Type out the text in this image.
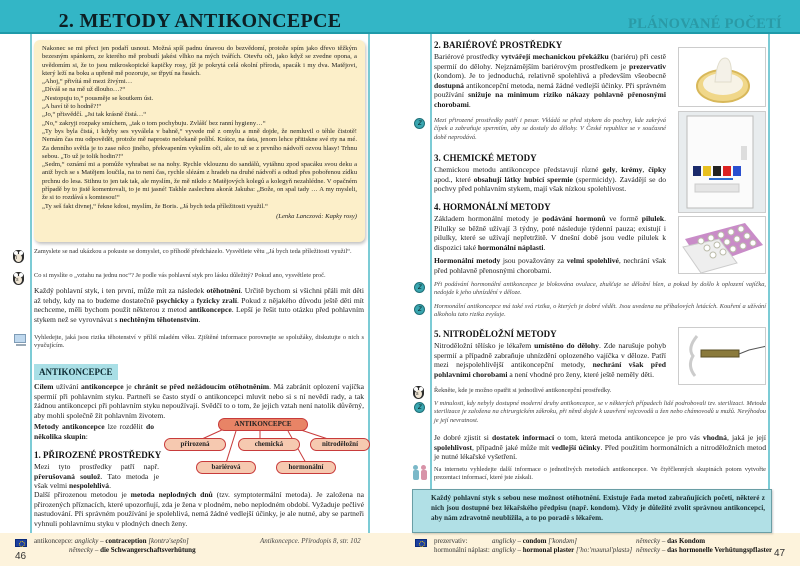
2. METODY ANTIKONCEPCE

Nakonec se mi přeci jen podaří usnout. Možná spíš padnu únavou do bezvědomí, protože spím jako dřevo těžkým bezesným spánkem, ze kterého mě probudí jakési vlhko na mých tvářích. Otevřu oči, jako když se zvedne opona, a uvědomím si, že to jsou mikroskopické kapičky rosy, jíž je pokrytá celá okolní příroda, spacák i my dva. Matějovi, který leží na boku a upřeně mě pozoruje, se třpytí na řasách.

„Ahoj,“ přivítá mě mezi živými…

„Díváš se na mě už dlouho…?“

„Nestopuju to,“ pousměje se koutkem úst.

„A baví tě to hodně?!“

„Jo,“ přisvědčí. „Jsi tak krásně čistá…“

„No,“ zakryji rozpaky smíchem, „tak o tom pochybuju. Zvlášť bez ranní hygieny…“

„Ty bys byla čistá, i kdyby ses vyválela v bahně,“ vyvede mě z omylu a mně dojde, že nemluvil o téhle čistotě! Nemám čas mu odpovědět, protože mě naprosto nečekaně políbí. Krátce, na ústa, jenom lehce přitiskne své rty na mé. Za denního světla je to zase něco jiného, překvapením vykulím oči, ale to už se z prvního nádvoří ozvou hlasy! Trhnu sebou. „To už je tolik hodin?!“

„Sedm,“ oznámí mi a pomůže vyhrabat se na nohy. Rychle vklouznu do sandálů, vytáhnu zpod spacáku svou deku a aniž bych se s Matějem loučila, na to není čas, rychle slézám z hradeb na druhé nádvoří a odtud přes pobořenou zídku prchnu do lesa. Stihnu to jen tak tak, ale myslím, že mě nikdo z Matějových kolegů a kolegyň nezahlédne. V opačném případě by to jistě komentovali, to je mi jasné! Takhle zaslechnu akorát Jakuba: „Bože, on spal tady … A my mysleli, že si to rozdává s komtesou!“

„Ty seš fakt divnej,“ řekne kdosi, myslím, že Boris. „Já bych teda příležitosti využil.“

(Lenka Lanczová: Kapky rosy)

i
Zamyslete se nad ukázkou a pokuste se domyslet, co příhodě předcházelo. Vysvětlete větu „Já bych teda příležitosti využil“.
s
Co si myslíte o „vztahu na jednu noc“? Je podle vás pohlavní styk pro lásku důležitý? Pokud ano, vysvětlete proč.
Každý pohlavní styk, i ten první, může mít za následek otěhotnění. Určitě bychom si všichni přáli mít děti až tehdy, kdy na to budeme dostatečně psychicky a fyzicky zralí. Pokud z nějakého důvodu ještě děti mít nechceme, měli bychom použít některou z metod antikoncepce. Lepší je řešit tuto otázku před pohlavním stykem než se vyrovnávat s nechtěným těhotenstvím.
Vyhledejte, jaká jsou rizika těhotenství v příliš mladém věku. Zjištěné informace porovnejte se spolužáky, diskutujte o nich s vyučujícím.
ANTIKONCEPCE
Cílem užívání antikoncepce je chránit se před nežádoucím otěhotněním. Má zabránit oplození vajíčka spermií při pohlavním styku. Partneři se často stydí o antikoncepci mluvit nebo si s ní nevědí rady, a tak žádnou antikoncepci při pohlavním styku nepoužívají. Svědčí to o tom, že jejich vztah není natolik důvěrný, aby mohli společně žít pohlavním životem.
Metody antikoncepce lze rozdělit do několika skupin:
ANTIKONCEPCE
přirozená	chemická	nitroděložní
bariérová	hormonální
1. PŘIROZENÉ PROSTŘEDKY
Mezi tyto prostředky patří např. přerušovaná soulož. Tato metoda je však velmi nespolehlivá.
Další přirozenou metodou je metoda neplodných dnů (tzv. symptotermální metoda). Je založena na přirozených příznacích, které upozorňují, zda je žena v plodném, nebo neplodném období. Vyžaduje pečlivé nastudování. Při správném používání je spolehlivá, nemá žádné vedlejší účinky, je ale nutné, aby se partneři vyhnuli pohlavnímu styku v plodných dnech ženy.
antikoncepce: anglicky – contraception [kontrə'sepšn]
německy – die Schwangerschaftsverhütung
Antikoncepce. Přírodopis 8, str. 102
46
PLÁNOVANÉ POČETÍ
2. BARIÉROVÉ PROSTŘEDKY
Bariérové prostředky vytvářejí mechanickou překážku (bariéru) při cestě spermií do dělohy. Nejznámějším bariérovým prostředkem je prezervativ (kondom). Je to jednoduchá, relativně spolehlivá a především všeobecně dostupná antikoncepční metoda, nemá žádné vedlejší účinky. Při správném používání snižuje na minimum riziko nákazy pohlavně přenosnými chorobami.
z
Mezi přirozené prostředky patří i pesar. Vkládá se před stykem do pochvy, kde zakrývá čípek a zabraňuje spermiím, aby se dostaly do dělohy. V České republice se v současné době neprodává.
3. CHEMICKÉ METODY
Chemickou metodu antikoncepce představují různé gely, krémy, čípky apod., které obsahují látky hubící spermie (spermicidy). Zavádějí se do pochvy před pohlavním stykem, mají však nízkou spolehlivost.
4. HORMONÁLNÍ METODY
Základem hormonální metody je podávání hormonů ve formě pilulek. Pilulky se běžně užívají 3 týdny, poté následuje týdenní pauza; existují i pilulky, které se užívají nepřetržitě. V dnešní době jsou vedle pilulek k dispozici také hormonální náplasti.
Hormonální metody jsou považovány za velmi spolehlivé, nechrání však před pohlavně přenosnými chorobami.
z
Při podávání hormonální antikoncepce je blokována ovulace, zhušťuje se děložní hlen, a pokud by došlo k oplození vajíčka, nedojde k jeho uhnízdění v děloze.
z
Hormonální antikoncepce má také svá rizika, o kterých je dobré vědět. Jsou uvedena na příbalových letácích. Kouření a užívání alkoholu tato rizika zvyšuje.
5. NITRODĚLOŽNÍ METODY
Nitroděložní tělísko je lékařem umístěno do dělohy. Zde narušuje pohyb spermií a případně zabraňuje uhnízdění oplozeného vajíčka v děloze. Patří mezi nejspolehlivější antikoncepční metody, nechrání však před pohlavními chorobami a není vhodné pro ženy, které ještě neměly děti.
s Řekněte, kde je možno opatřit si jednotlivé antikoncepční prostředky.
z
V minulosti, kdy nebyly dostupné moderní druhy antikoncepce, se v některých případech lidé podrobovali tzv. sterilizaci. Metoda sterilizace je založena na chirurgickém zákroku, při němž dojde k uzavření vejcovodů u žen nebo chámovodů u mužů. Nevýhodou je její nevratnost.
Je dobré zjistit si dostatek informací o tom, která metoda antikoncepce je pro vás vhodná, jaká je její spolehlivost, případně jaké může mít vedlejší účinky. Před použitím hormonálních a nitroděložních metod je nutné lékařské vyšetření.
Na internetu vyhledejte další informace o jednotlivých metodách antikoncepce. Ve čtyřčlenných skupinách potom vytvořte prezentaci informací, které jste získali.
prezervativ:	anglicky – condom ['kondəm]	německy – das Kondom
hormonální náplast: anglicky – hormonal plaster ['ho:'məunəl'plastə] německy – das hormonelle Verhütungspflaster 47
Každý pohlavní styk s sebou nese možnost otěhotnění. Existuje řada metod zabraňujících početí, některé z nich jsou dostupné bez lékařského předpisu (např. kondom). Vždy je důležité zvolit správnou antikoncepci, aby nám zdravotně neublížila, a to po poradě s lékařem.
